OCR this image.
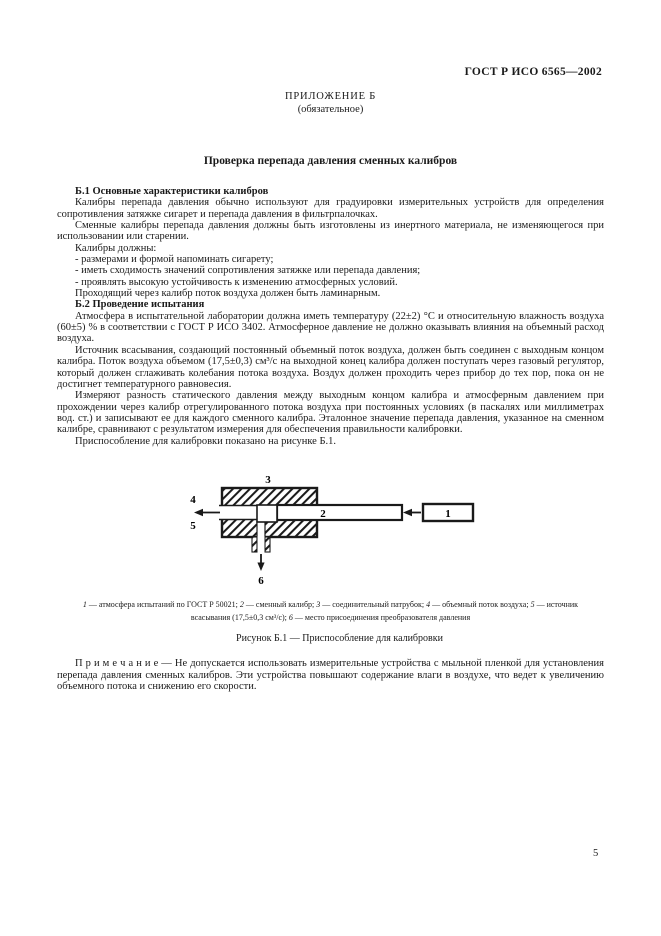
ГОСТ Р ИСО 6565—2002
ПРИЛОЖЕНИЕ Б
(обязательное)
Проверка перепада давления сменных калибров
Б.1 Основные характеристики калибров

Калибры перепада давления обычно используют для градуировки измерительных устройств для определения сопротивления затяжке сигарет и перепада давления в фильтрпалочках.

Сменные калибры перепада давления должны быть изготовлены из инертного материала, не изменяющегося при использовании или старении.

Калибры должны:

- размерами и формой напоминать сигарету;

- иметь сходимость значений сопротивления затяжке или перепада давления;

- проявлять высокую устойчивость к изменению атмосферных условий.

Проходящий через калибр поток воздуха должен быть ламинарным.

Б.2 Проведение испытания

Атмосфера в испытательной лаборатории должна иметь температуру (22±2) °С и относительную влажность воздуха (60±5) % в соответствии с ГОСТ Р ИСО 3402. Атмосферное давление не должно оказывать влияния на объемный расход воздуха.

Источник всасывания, создающий постоянный объемный поток воздуха, должен быть соединен с выходным концом калибра. Поток воздуха объемом (17,5±0,3) см³/с на выходной конец калибра должен поступать через газовый регулятор, который должен сглаживать колебания потока воздуха. Воздух должен проходить через прибор до тех пор, пока он не достигнет температурного равновесия.

Измеряют разность статического давления между выходным концом калибра и атмосферным давлением при прохождении через калибр отрегулированного потока воздуха при постоянных условиях (в паскалях или миллиметрах вод. ст.) и записывают ее для каждого сменного калибра. Эталонное значение перепада давления, указанное на сменном калибре, сравнивают с результатом измерения для обеспечения правильности калибровки.

Приспособление для калибровки показано на рисунке Б.1.

3
2	1
4
5
6
1 — атмосфера испытаний по ГОСТ Р 50021; 2 — сменный калибр; 3 — соединительный патрубок; 4 — объемный поток воздуха; 5 — источник всасывания (17,5±0,3 см³/с); 6 — место присоединения преобразователя давления

Рисунок Б.1 — Приспособление для калибровки

П р и м е ч а н и е — Не допускается использовать измерительные устройства с мыльной пленкой для установления перепада давления сменных калибров. Эти устройства повышают содержание влаги в воздухе, что ведет к увеличению объемного потока и снижению его скорости.

5
